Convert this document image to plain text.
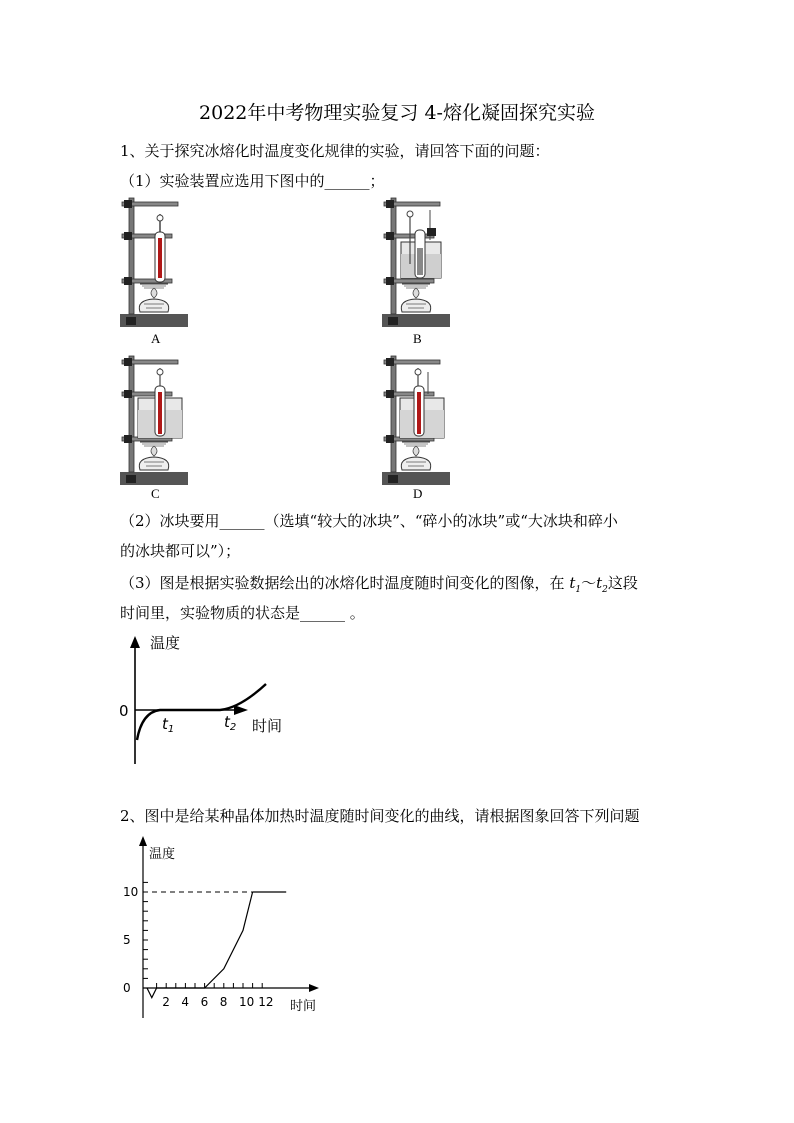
2022年中考物理实验复习 4-熔化凝固探究实验
1、关于探究冰熔化时温度变化规律的实验，请回答下面的问题：
（1）实验装置应选用下图中的______；
A	B
C	D
（2）冰块要用______（选填“较大的冰块”、“碎小的冰块”或“大冰块和碎小
的冰块都可以”）；
（3）图是根据实验数据绘出的冰熔化时温度随时间变化的图像，在 $t_1\sim t_2$这段
时间里，实验物质的状态是______ 。
温度
0
$t_1$	$t_2$ 时间
2、图中是给某种晶体加热时温度随时间变化的曲线，请根据图象回答下列问题
温度
时间
10
5
0
2 4 6 8 10 12
